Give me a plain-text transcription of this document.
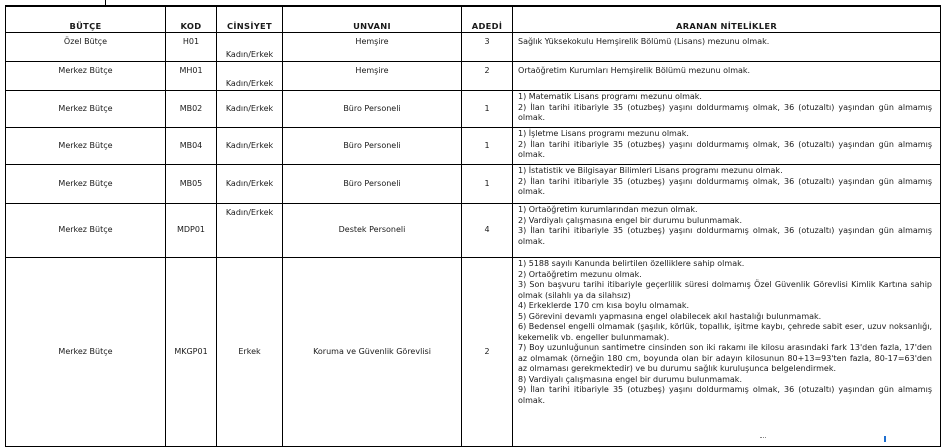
BÜTÇE	KOD	CİNSİYET	UNVANI	ADEDİ	ARANAN NİTELİKLER
Özel Bütçe	H01	Kadın/Erkek	Hemşire	3	Sağlık Yüksekokulu Hemşirelik Bölümü (Lisans) mezunu olmak.

Merkez Bütçe	MH01	Kadın/Erkek	Hemşire	2	Ortaöğretim Kurumları Hemşirelik Bölümü mezunu olmak.

Merkez Bütçe	MB02	Kadın/Erkek	Büro Personeli	1	1) Matematik Lisans programı mezunu olmak.
2) İlan tarihi itibariyle 35 (otuzbeş) yaşını doldurmamış olmak, 36 (otuzaltı) yaşından gün almamış olmak.

Merkez Bütçe	MB04	Kadın/Erkek	Büro Personeli	1	1) İşletme Lisans programı mezunu olmak.
2) İlan tarihi itibariyle 35 (otuzbeş) yaşını doldurmamış olmak, 36 (otuzaltı) yaşından gün almamış olmak.

Merkez Bütçe	MB05	Kadın/Erkek	Büro Personeli	1	1) İstatistik ve Bilgisayar Bilimleri Lisans programı mezunu olmak.
2) İlan tarihi itibariyle 35 (otuzbeş) yaşını doldurmamış olmak, 36 (otuzaltı) yaşından gün almamış olmak.

Merkez Bütçe	MDP01	Kadın/Erkek	Destek Personeli	4	1) Ortaöğretim kurumlarından mezun olmak.
2) Vardiyalı çalışmasına engel bir durumu bulunmamak.
3) İlan tarihi itibariyle 35 (otuzbeş) yaşını doldurmamış olmak, 36 (otuzaltı) yaşından gün almamış olmak.

Merkez Bütçe	MKGP01	Erkek	Koruma ve Güvenlik Görevlisi	2	
1) 5188 sayılı Kanunda belirtilen özelliklere sahip olmak.
2) Ortaöğretim mezunu olmak.
3) Son başvuru tarihi itibariyle geçerlilik süresi dolmamış Özel Güvenlik Görevlisi Kimlik Kartına sahip olmak (silahlı ya da silahsız)
4) Erkeklerde 170 cm kısa boylu olmamak.
5) Görevini devamlı yapmasına engel olabilecek akıl hastalığı bulunmamak.
6) Bedensel engelli olmamak (şaşılık, körlük, topallık, işitme kaybı, çehrede sabit eser, uzuv noksanlığı, kekemelik vb. engeller bulunmamak).
7) Boy uzunluğunun santimetre cinsinden son iki rakamı ile kilosu arasındaki fark 13'den fazla, 17'den az olmamak (örneğin 180 cm, boyunda olan bir adayın kilosunun 80+13=93'ten fazla, 80-17=63'den az olmaması gerekmektedir) ve bu durumu sağlık kuruluşunca belgelendirmek.
8) Vardiyalı çalışmasına engel bir durumu bulunmamak.
9) İlan tarihi itibariyle 35 (otuzbeş) yaşını doldurmamış olmak, 36 (otuzaltı) yaşından gün almamış olmak.
